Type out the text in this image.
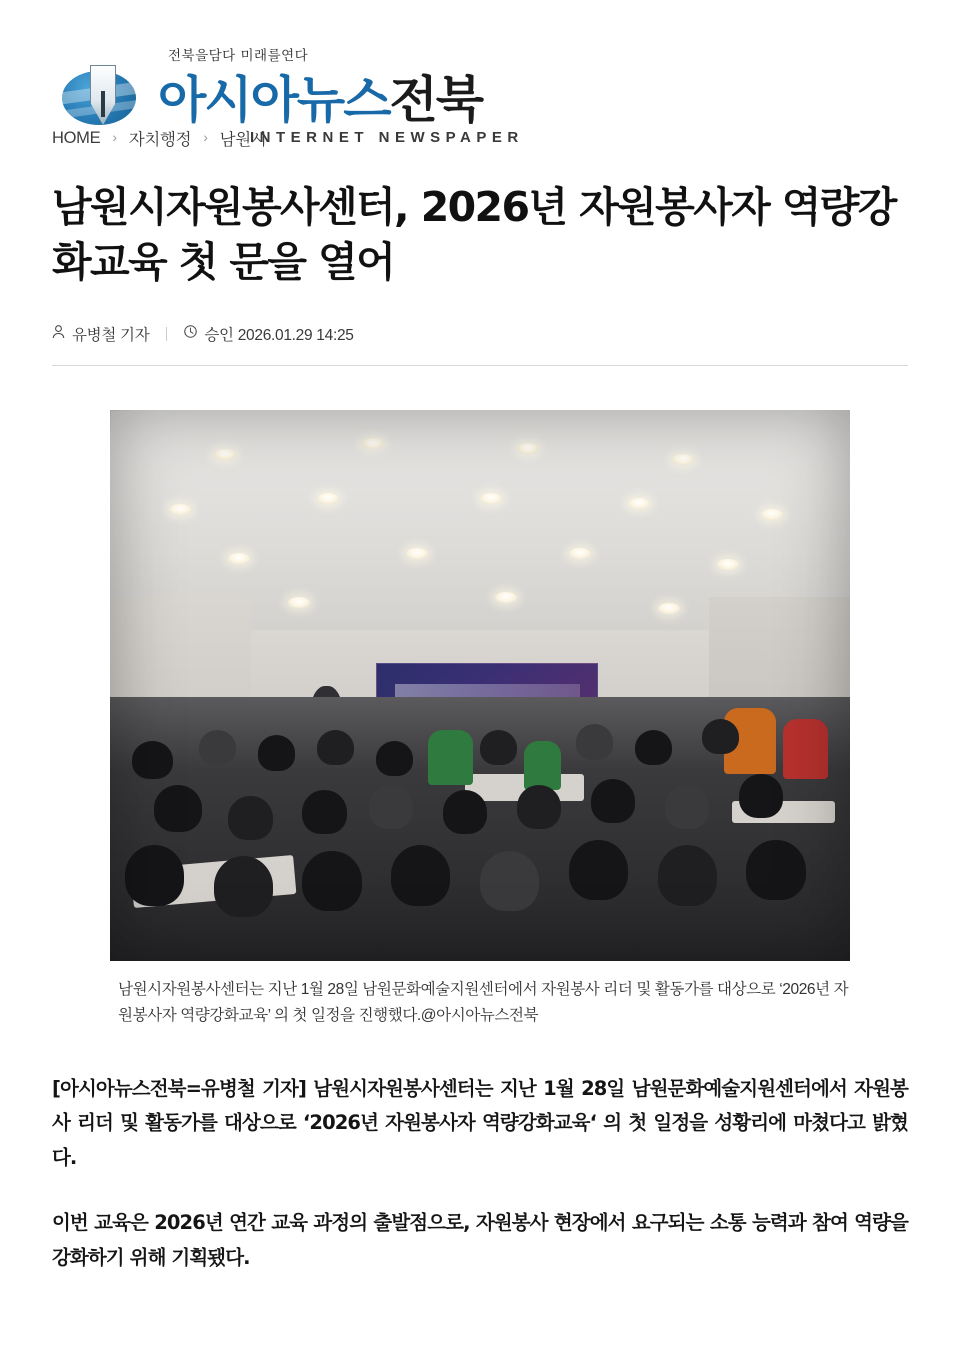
전북을담다 미래를연다
아시아뉴스전북
INTERNET NEWSPAPER
HOME › 자치행정 › 남원시
남원시자원봉사센터, 2026년 자원봉사자 역량강화교육 첫 문을 열어
유병철 기자	승인 2026.01.29 14:25
남원시자원봉사센터는 지난 1월 28일 남원문화예술지원센터에서 자원봉사 리더 및 활동가를 대상으로 ‘2026년 자원봉사자 역량강화교육’ 의 첫 일정을 진행했다.@아시아뉴스전북

[아시아뉴스전북=유병철 기자] 남원시자원봉사센터는 지난 1월 28일 남원문화예술지원센터에서 자원봉사 리더 및 활동가를 대상으로 ‘2026년 자원봉사자 역량강화교육‘ 의 첫 일정을 성황리에 마쳤다고 밝혔다.

이번 교육은 2026년 연간 교육 과정의 출발점으로, 자원봉사 현장에서 요구되는 소통 능력과 참여 역량을 강화하기 위해 기획됐다.
